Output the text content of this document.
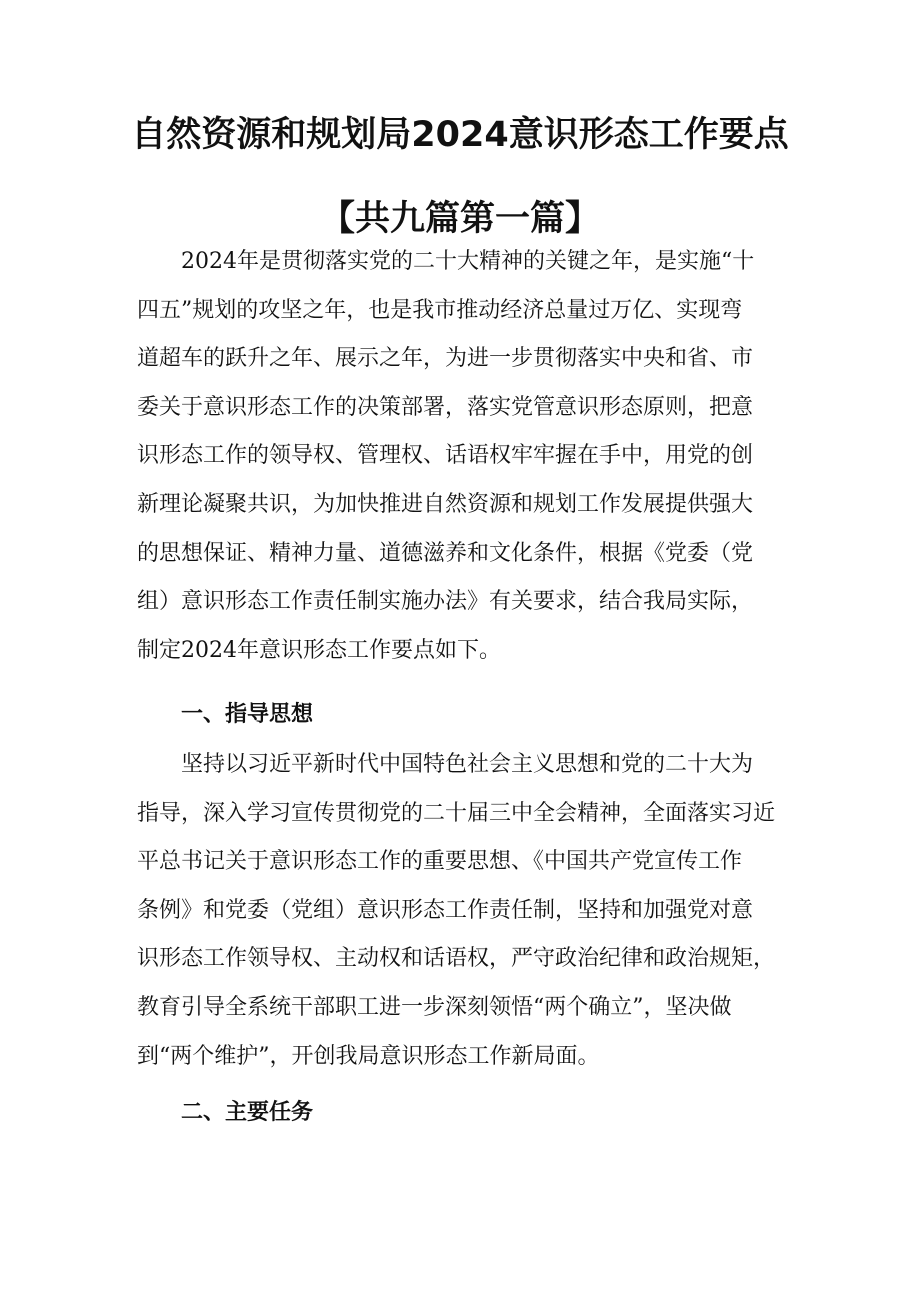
自然资源和规划局2024意识形态工作要点
【共九篇第一篇】
2024年是贯彻落实党的二十大精神的关键之年，是实施“十
四五”规划的攻坚之年，也是我市推动经济总量过万亿、实现弯
道超车的跃升之年、展示之年，为进一步贯彻落实中央和省、市
委关于意识形态工作的决策部署，落实党管意识形态原则，把意
识形态工作的领导权、管理权、话语权牢牢握在手中，用党的创
新理论凝聚共识，为加快推进自然资源和规划工作发展提供强大
的思想保证、精神力量、道德滋养和文化条件，根据《党委（党
组）意识形态工作责任制实施办法》有关要求，结合我局实际，
制定2024年意识形态工作要点如下。
一、指导思想
坚持以习近平新时代中国特色社会主义思想和党的二十大为
指导，深入学习宣传贯彻党的二十届三中全会精神，全面落实习近
平总书记关于意识形态工作的重要思想、《中国共产党宣传工作
条例》和党委（党组）意识形态工作责任制，坚持和加强党对意
识形态工作领导权、主动权和话语权，严守政治纪律和政治规矩，
教育引导全系统干部职工进一步深刻领悟“两个确立”，坚决做
到“两个维护”，开创我局意识形态工作新局面。
二、主要任务
